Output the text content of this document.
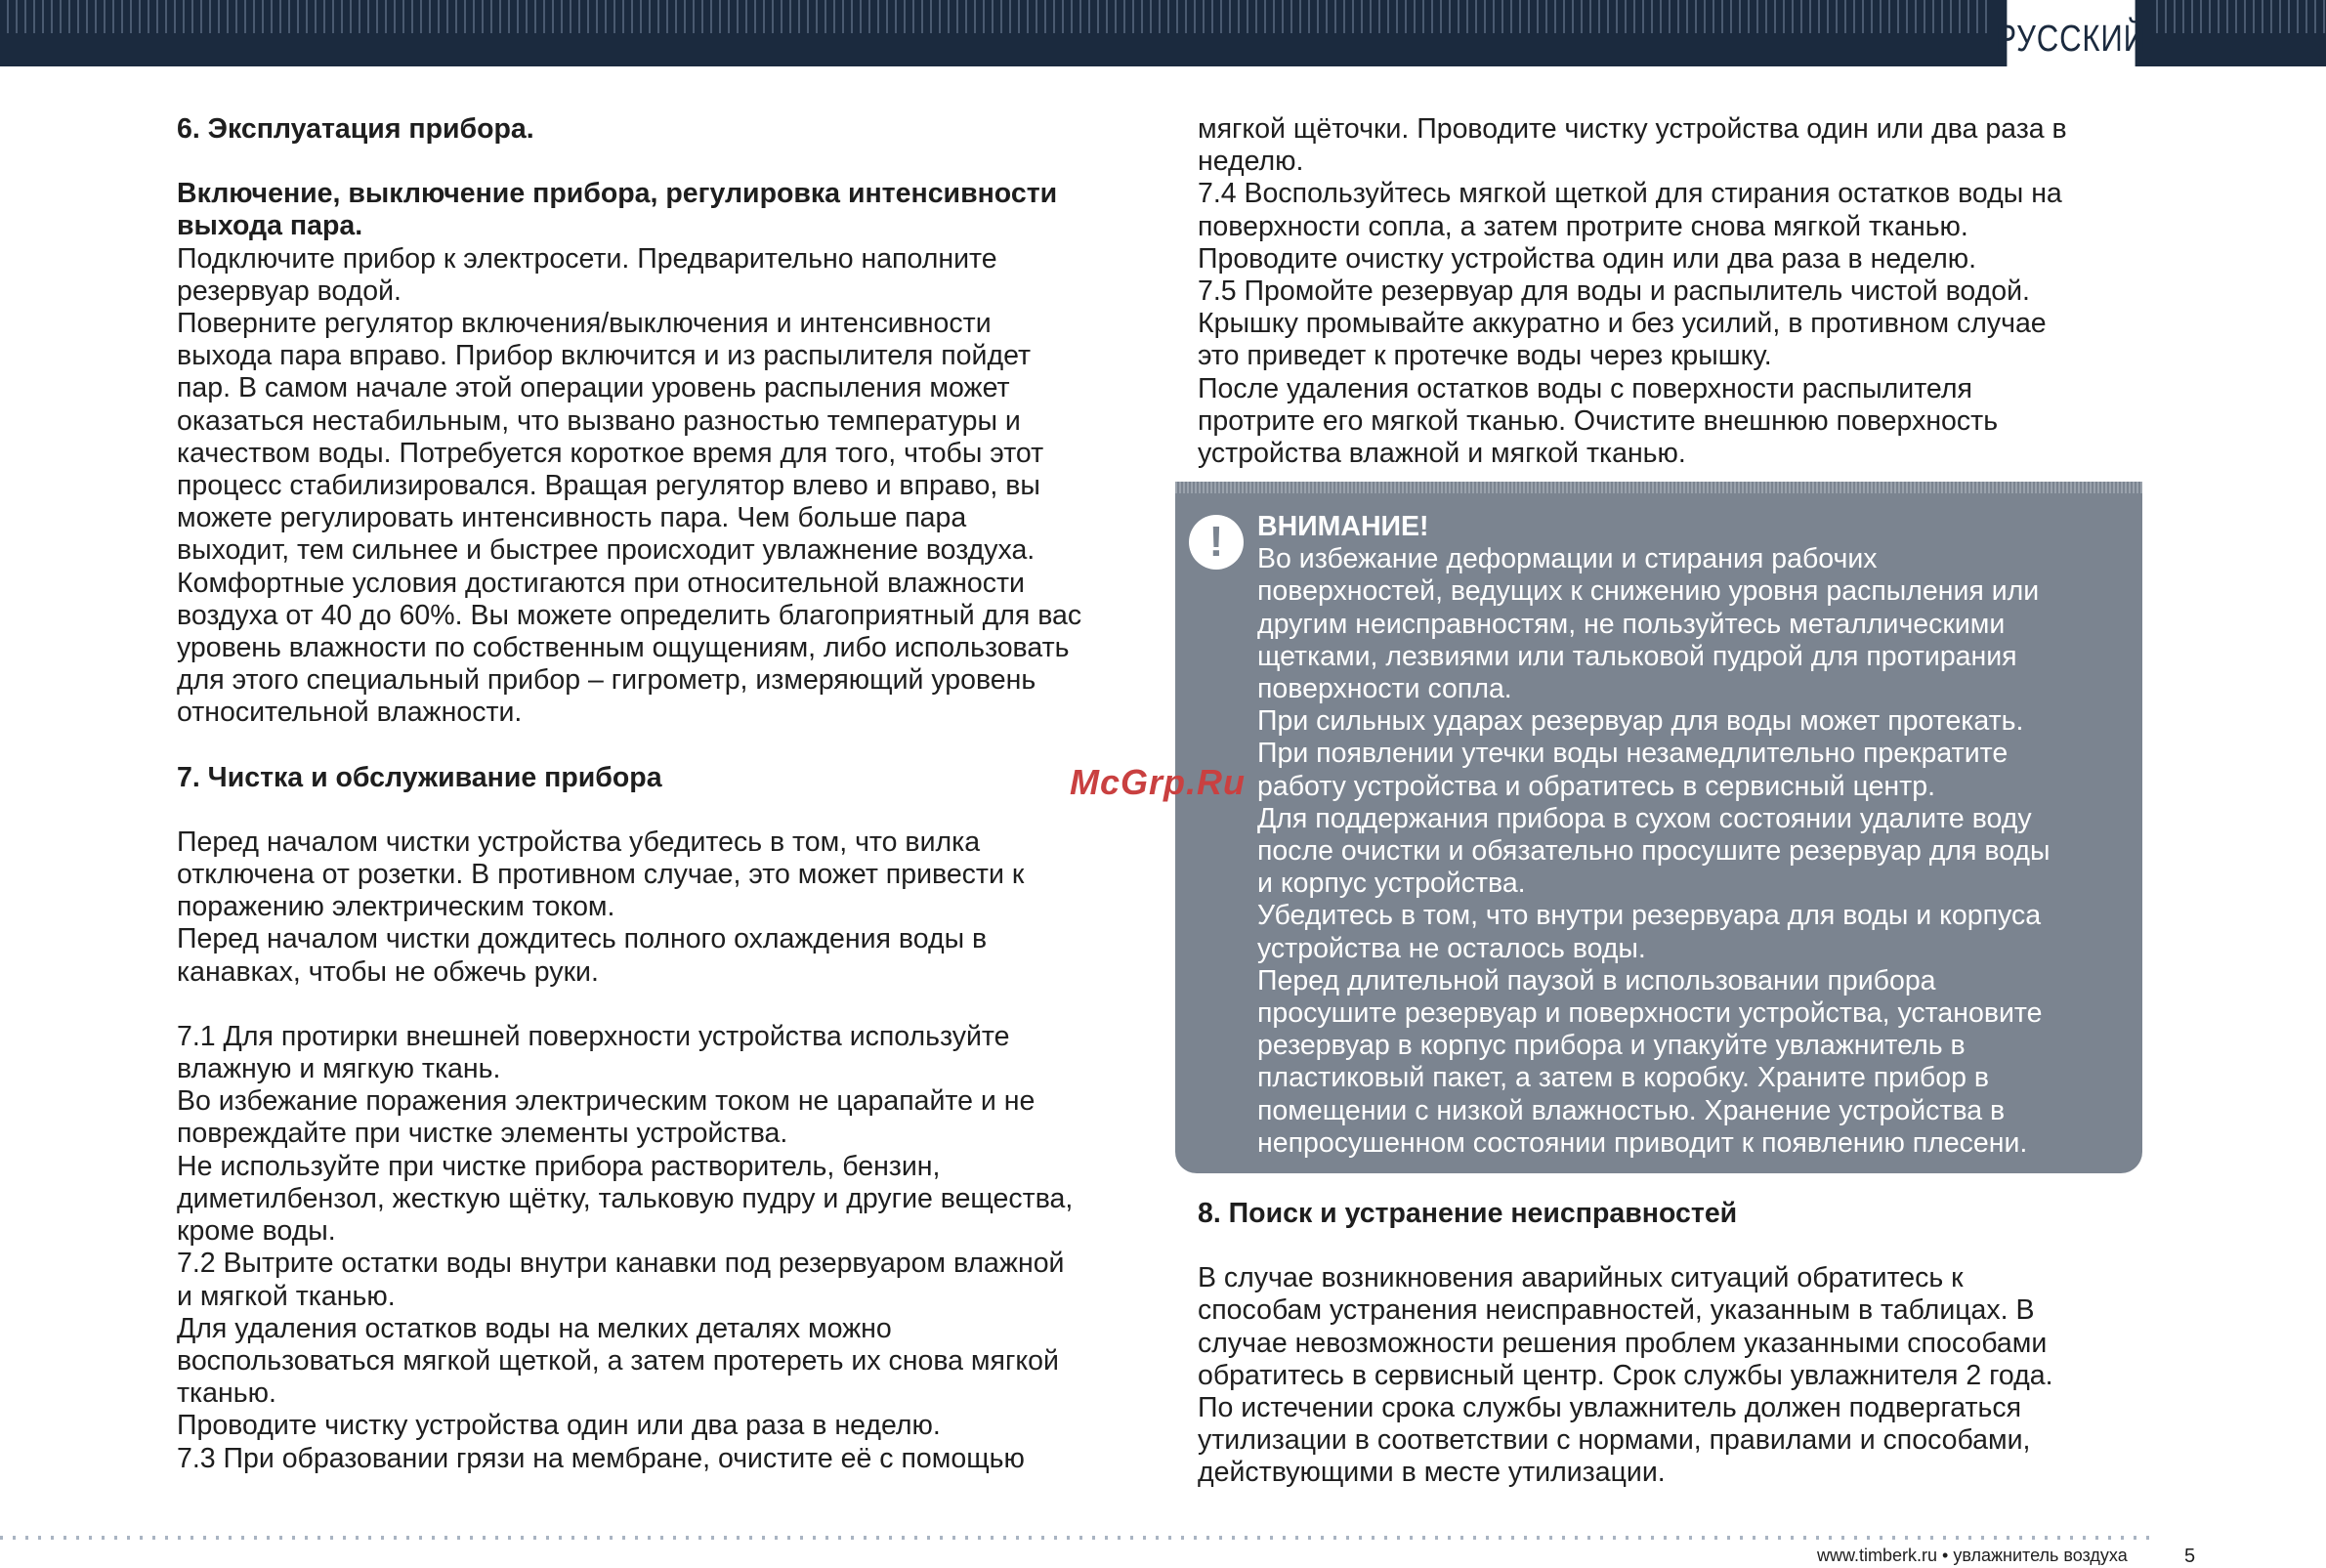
РУССКИЙ
6. Эксплуатация прибора.
Включение, выключение прибора, регулировка интенсивности
выхода пара.

Подключите прибор к электросети. Предварительно наполните

резервуар водой.

Поверните регулятор включения/выключения и интенсивности

выхода пара вправо. Прибор включится и из распылителя пойдет

пар. В самом начале этой операции уровень распыления может

оказаться нестабильным, что вызвано разностью температуры и

качеством воды. Потребуется короткое время для того, чтобы этот

процесс стабилизировался. Вращая регулятор влево и вправо, вы

можете регулировать интенсивность пара. Чем больше пара

выходит, тем сильнее и быстрее происходит увлажнение воздуха.

Комфортные условия достигаются при относительной влажности

воздуха от 40 до 60%. Вы можете определить благоприятный для вас

уровень влажности по собственным ощущениям, либо использовать

для этого специальный прибор – гигрометр, измеряющий уровень

относительной влажности.

7. Чистка и обслуживание прибора

Перед началом чистки устройства убедитесь в том, что вилка

отключена от розетки. В противном случае, это может привести к

поражению электрическим током.

Перед началом чистки дождитесь полного охлаждения воды в

канавках, чтобы не обжечь руки.

7.1 Для протирки внешней поверхности устройства используйте

влажную и мягкую ткань.

Во избежание поражения электрическим током не царапайте и не

повреждайте при чистке элементы устройства.

Не используйте при чистке прибора растворитель, бензин,

диметилбензол, жесткую щётку, тальковую пудру и другие вещества,

кроме воды.

7.2 Вытрите остатки воды внутри канавки под резервуаром влажной

и мягкой тканью.

Для удаления остатков воды на мелких деталях можно

воспользоваться мягкой щеткой, а затем протереть их снова мягкой

тканью.

Проводите чистку устройства один или два раза в неделю.

7.3 При образовании грязи на мембране, очистите её с помощью

мягкой щёточки. Проводите чистку устройства один или два раза в

неделю.

7.4 Воспользуйтесь мягкой щеткой для стирания остатков воды на

поверхности сопла, а затем протрите снова мягкой тканью.

Проводите очистку устройства один или два раза в неделю.

7.5 Промойте резервуар для воды и распылитель чистой водой.

Крышку промывайте аккуратно и без усилий, в противном случае

это приведет к протечке воды через крышку.

После удаления остатков воды с поверхности распылителя

протрите его мягкой тканью. Очистите внешнюю поверхность

устройства влажной и мягкой тканью.

!	ВНИМАНИЕ!

Во избежание деформации и стирания рабочих

поверхностей, ведущих к снижению уровня распыления или

другим неисправностям, не пользуйтесь металлическими

щетками, лезвиями или тальковой пудрой для протирания

поверхности сопла.

При сильных ударах резервуар для воды может протекать.

При появлении утечки воды незамедлительно прекратите

работу устройства и обратитесь в сервисный центр.

Для поддержания прибора в сухом состоянии удалите воду

после очистки и обязательно просушите резервуар для воды

и корпус устройства.

Убедитесь в том, что внутри резервуара для воды и корпуса

устройства не осталось воды.

Перед длительной паузой в использовании прибора

просушите резервуар и поверхности устройства, установите

резервуар в корпус прибора и упакуйте увлажнитель в

пластиковый пакет, а затем в коробку. Храните прибор в

помещении с низкой влажностью. Хранение устройства в

непросушенном состоянии приводит к появлению плесени.

8. Поиск и устранение неисправностей

В случае возникновения аварийных ситуаций обратитесь к

способам устранения неисправностей, указанным в таблицах. В

случае невозможности решения проблем указанными способами

обратитесь в сервисный центр. Срок службы увлажнителя 2 года.

По истечении срока службы увлажнитель должен подвергаться

утилизации в соответствии с нормами, правилами и способами,

действующими в месте утилизации.

McGrp.Ru
www.timberk.ru • увлажнитель воздуха	5
